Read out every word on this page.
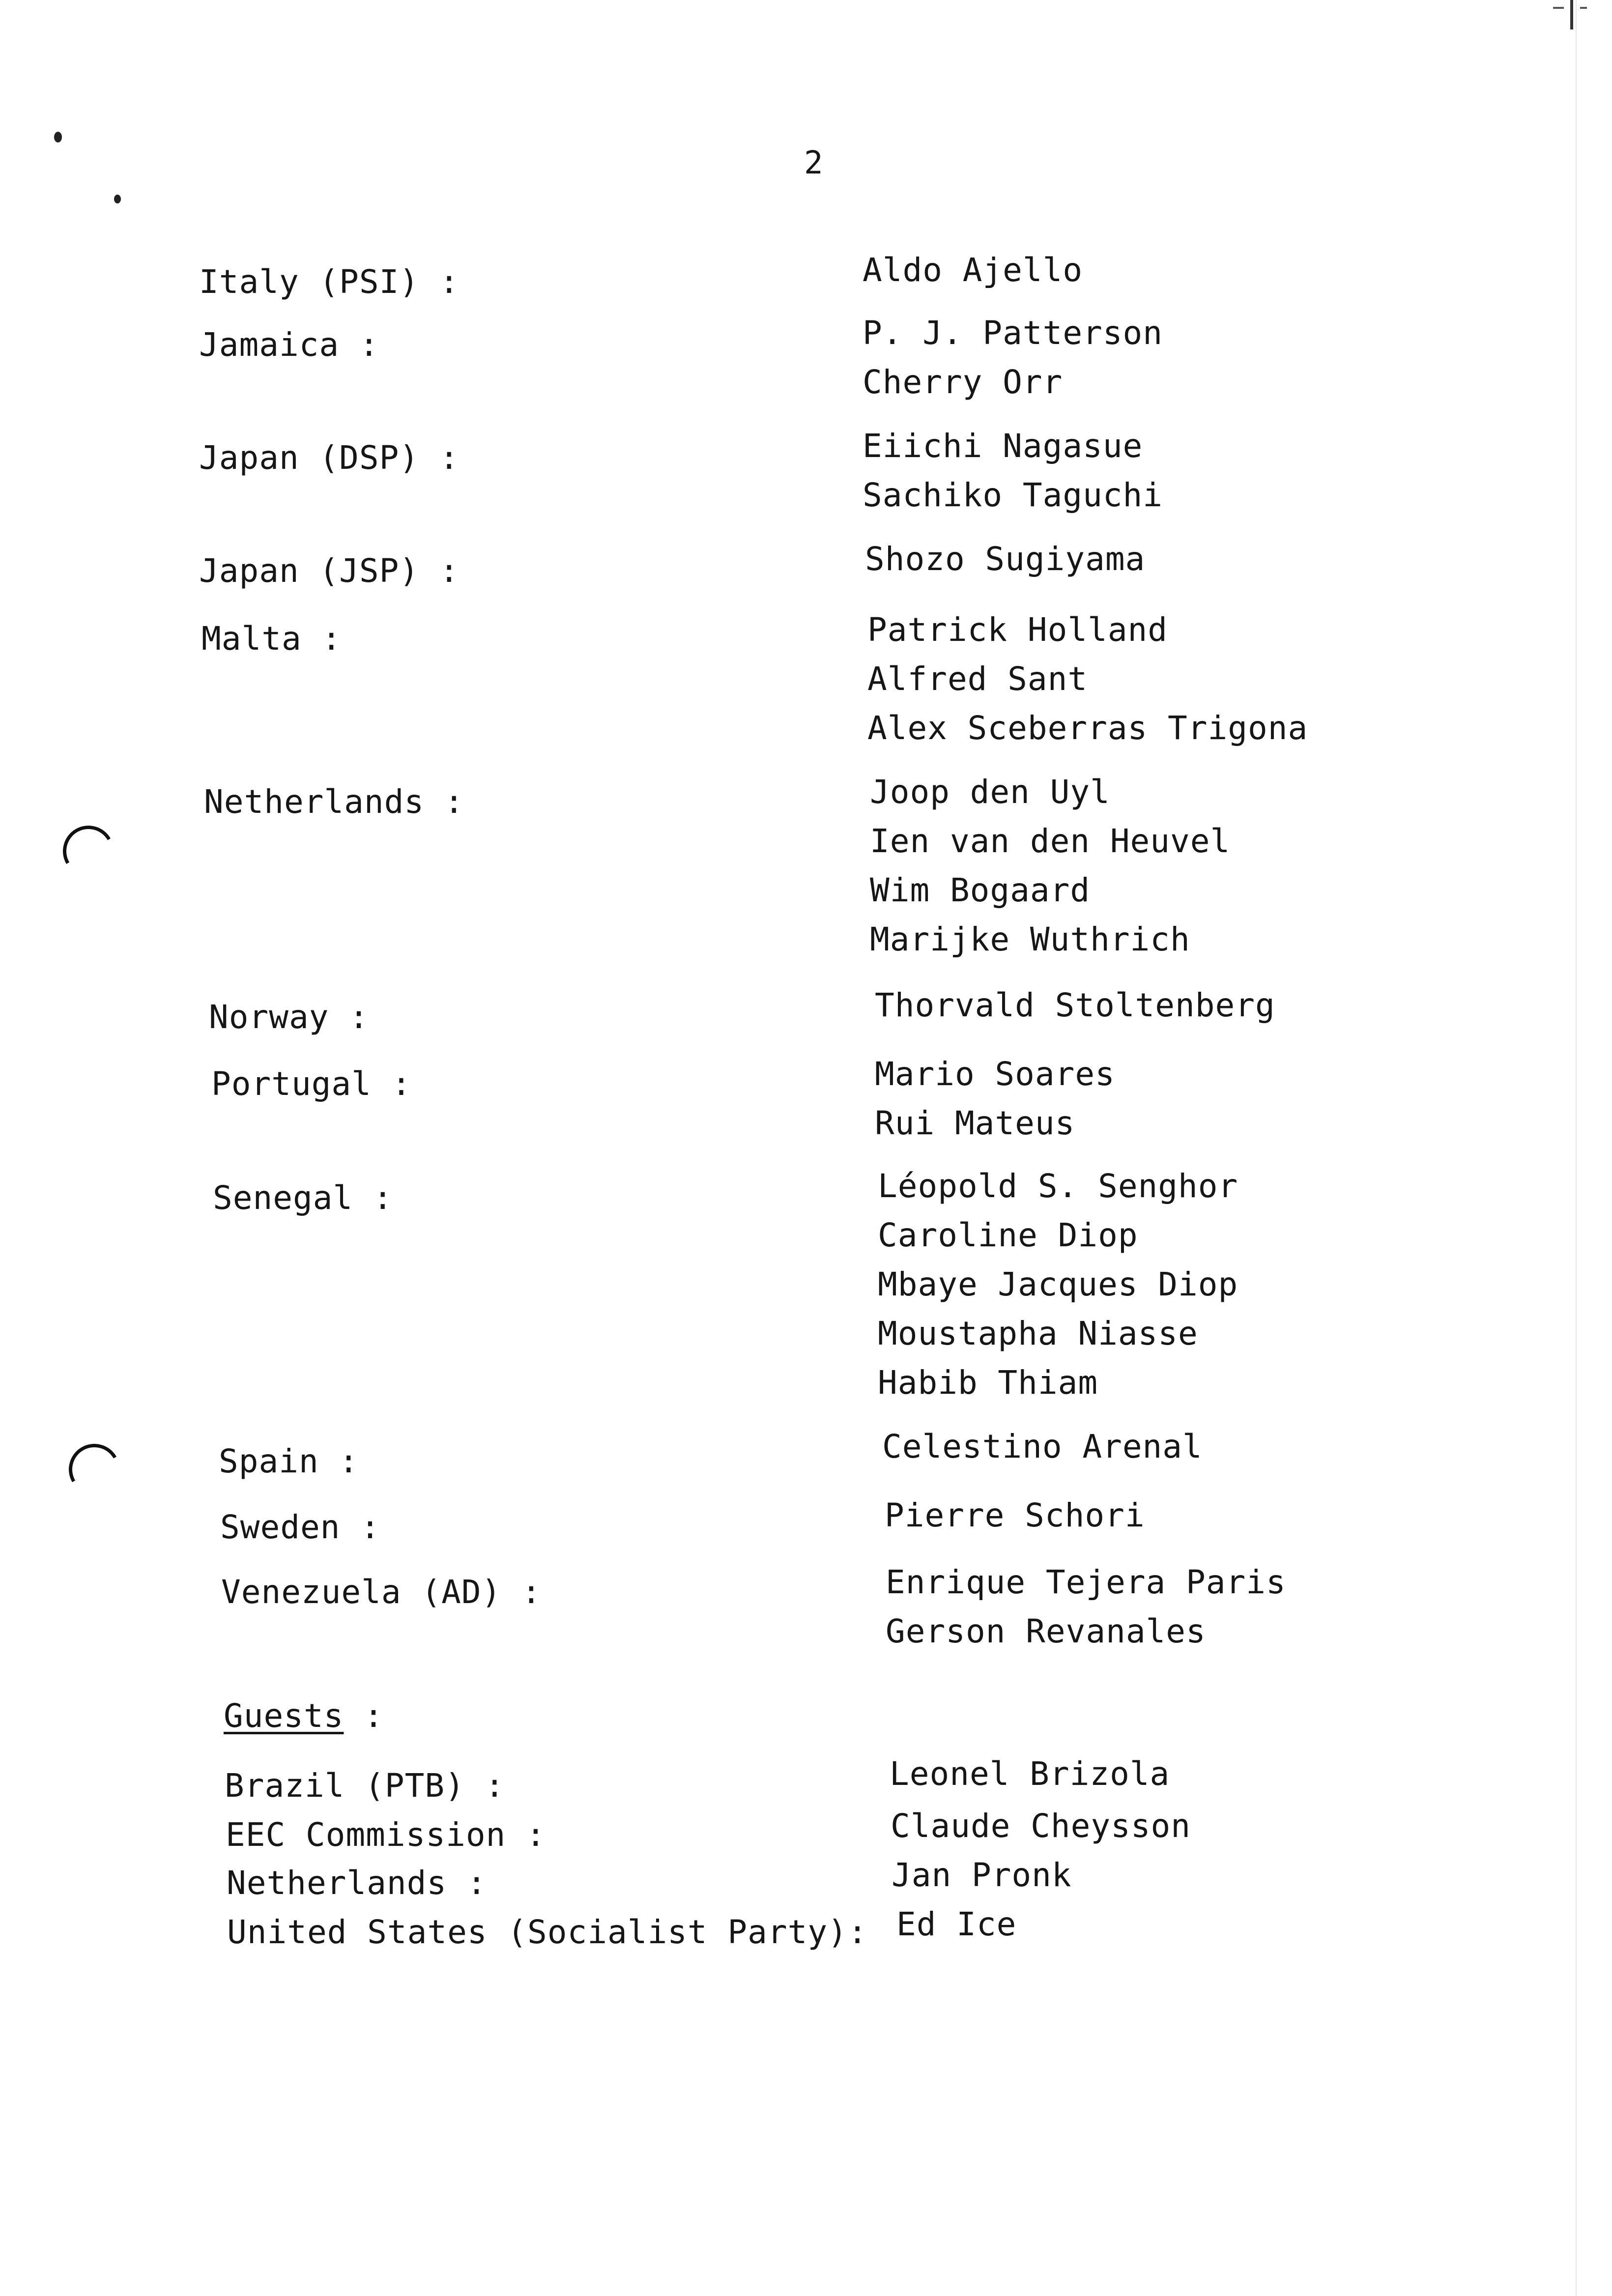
2
Italy (PSI) :	Aldo Ajello
Jamaica :	P. J. Patterson
Cherry Orr
Japan (DSP) :	Eiichi Nagasue
Sachiko Taguchi
Japan (JSP) :	Shozo Sugiyama
Malta :	Patrick Holland
Alfred Sant
Alex Sceberras Trigona
Netherlands :	Joop den Uyl
Ien van den Heuvel
Wim Bogaard
Marijke Wuthrich
Norway :	Thorvald Stoltenberg
Portugal :	Mario Soares
Rui Mateus
Senegal :	Léopold S. Senghor
Caroline Diop
Mbaye Jacques Diop
Moustapha Niasse
Habib Thiam
Spain :	Celestino Arenal
Sweden :	Pierre Schori
Venezuela (AD) :	Enrique Tejera Paris
Gerson Revanales
Guests :
Brazil (PTB) :	Leonel Brizola
EEC Commission :	Claude Cheysson
Netherlands :	Jan Pronk
United States (Socialist Party): Ed Ice
